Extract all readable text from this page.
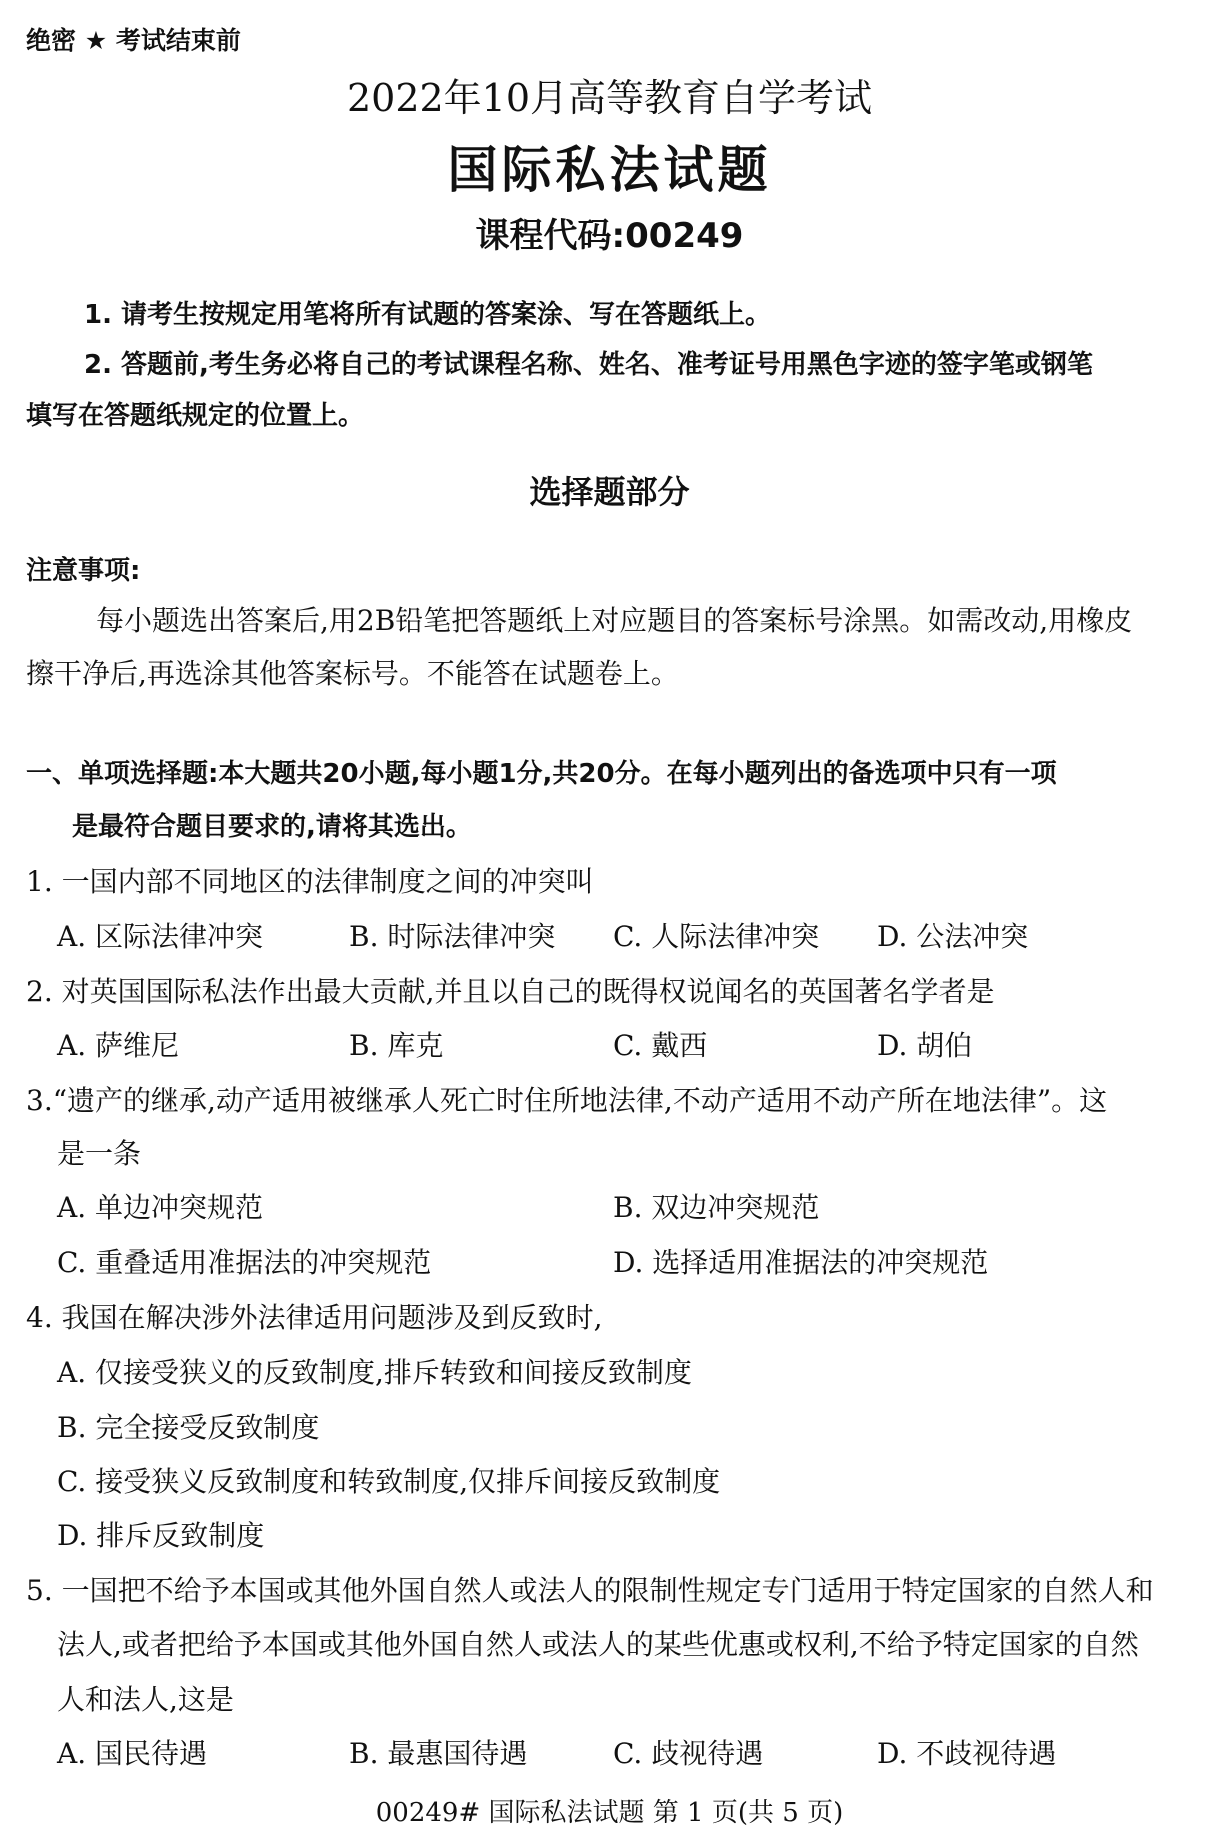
绝密 ★ 考试结束前
2022年10月高等教育自学考试
国际私法试题
课程代码:00249
1. 请考生按规定用笔将所有试题的答案涂、写在答题纸上。
2. 答题前,考生务必将自己的考试课程名称、姓名、准考证号用黑色字迹的签字笔或钢笔
填写在答题纸规定的位置上。
选择题部分
注意事项:
每小题选出答案后,用2B铅笔把答题纸上对应题目的答案标号涂黑。如需改动,用橡皮
擦干净后,再选涂其他答案标号。不能答在试题卷上。
一、单项选择题:本大题共20小题,每小题1分,共20分。在每小题列出的备选项中只有一项
是最符合题目要求的,请将其选出。
1. 一国内部不同地区的法律制度之间的冲突叫
A. 区际法律冲突	B. 时际法律冲突 C. 人际法律冲突 D. 公法冲突
2. 对英国国际私法作出最大贡献,并且以自己的既得权说闻名的英国著名学者是
A. 萨维尼	B. 库克	C. 戴西	D. 胡伯
3.“遗产的继承,动产适用被继承人死亡时住所地法律,不动产适用不动产所在地法律”。这
是一条
A. 单边冲突规范	B. 双边冲突规范
C. 重叠适用准据法的冲突规范	D. 选择适用准据法的冲突规范
4. 我国在解决涉外法律适用问题涉及到反致时,
A. 仅接受狭义的反致制度,排斥转致和间接反致制度
B. 完全接受反致制度
C. 接受狭义反致制度和转致制度,仅排斥间接反致制度
D. 排斥反致制度
5. 一国把不给予本国或其他外国自然人或法人的限制性规定专门适用于特定国家的自然人和
法人,或者把给予本国或其他外国自然人或法人的某些优惠或权利,不给予特定国家的自然
人和法人,这是
A. 国民待遇	B. 最惠国待遇	C. 歧视待遇	D. 不歧视待遇
00249# 国际私法试题 第 1 页(共 5 页)
